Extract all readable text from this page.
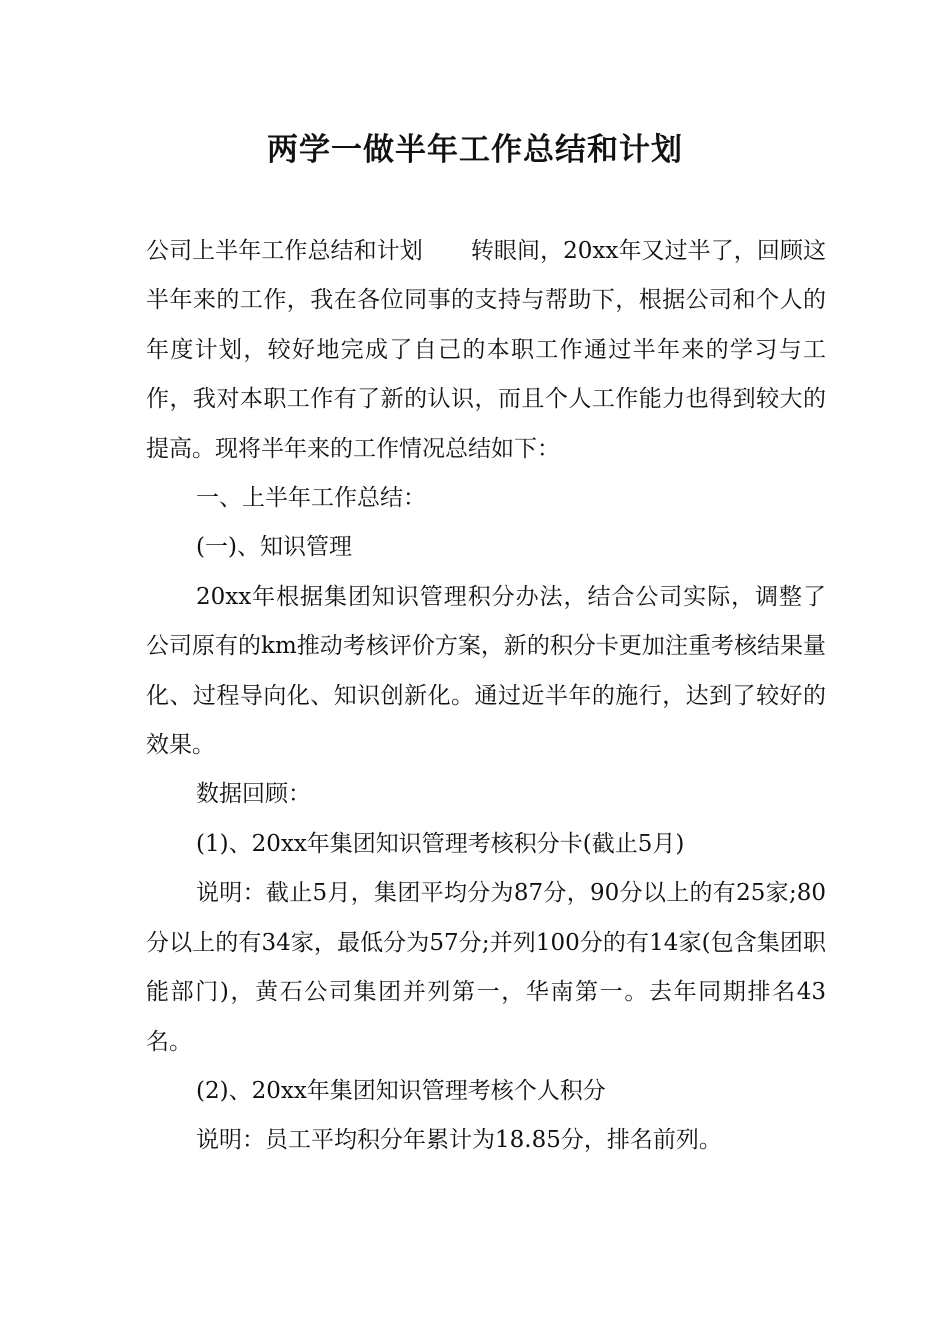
两学一做半年工作总结和计划

公司上半年工作总结和计划 转眼间，20xx年又过半了，回顾这半年来的工作，我在各位同事的支持与帮助下，根据公司和个人的年度计划，较好地完成了自己的本职工作通过半年来的学习与工作，我对本职工作有了新的认识，而且个人工作能力也得到较大的提高。现将半年来的工作情况总结如下：

一、上半年工作总结：

(一)、知识管理

20xx年根据集团知识管理积分办法，结合公司实际，调整了公司原有的km推动考核评价方案，新的积分卡更加注重考核结果量化、过程导向化、知识创新化。通过近半年的施行，达到了较好的效果。

数据回顾：

(1)、20xx年集团知识管理考核积分卡(截止5月)

说明：截止5月，集团平均分为87分，90分以上的有25家;80分以上的有34家，最低分为57分;并列100分的有14家(包含集团职能部门)，黄石公司集团并列第一，华南第一。去年同期排名43名。

(2)、20xx年集团知识管理考核个人积分

说明：员工平均积分年累计为18.85分，排名前列。
